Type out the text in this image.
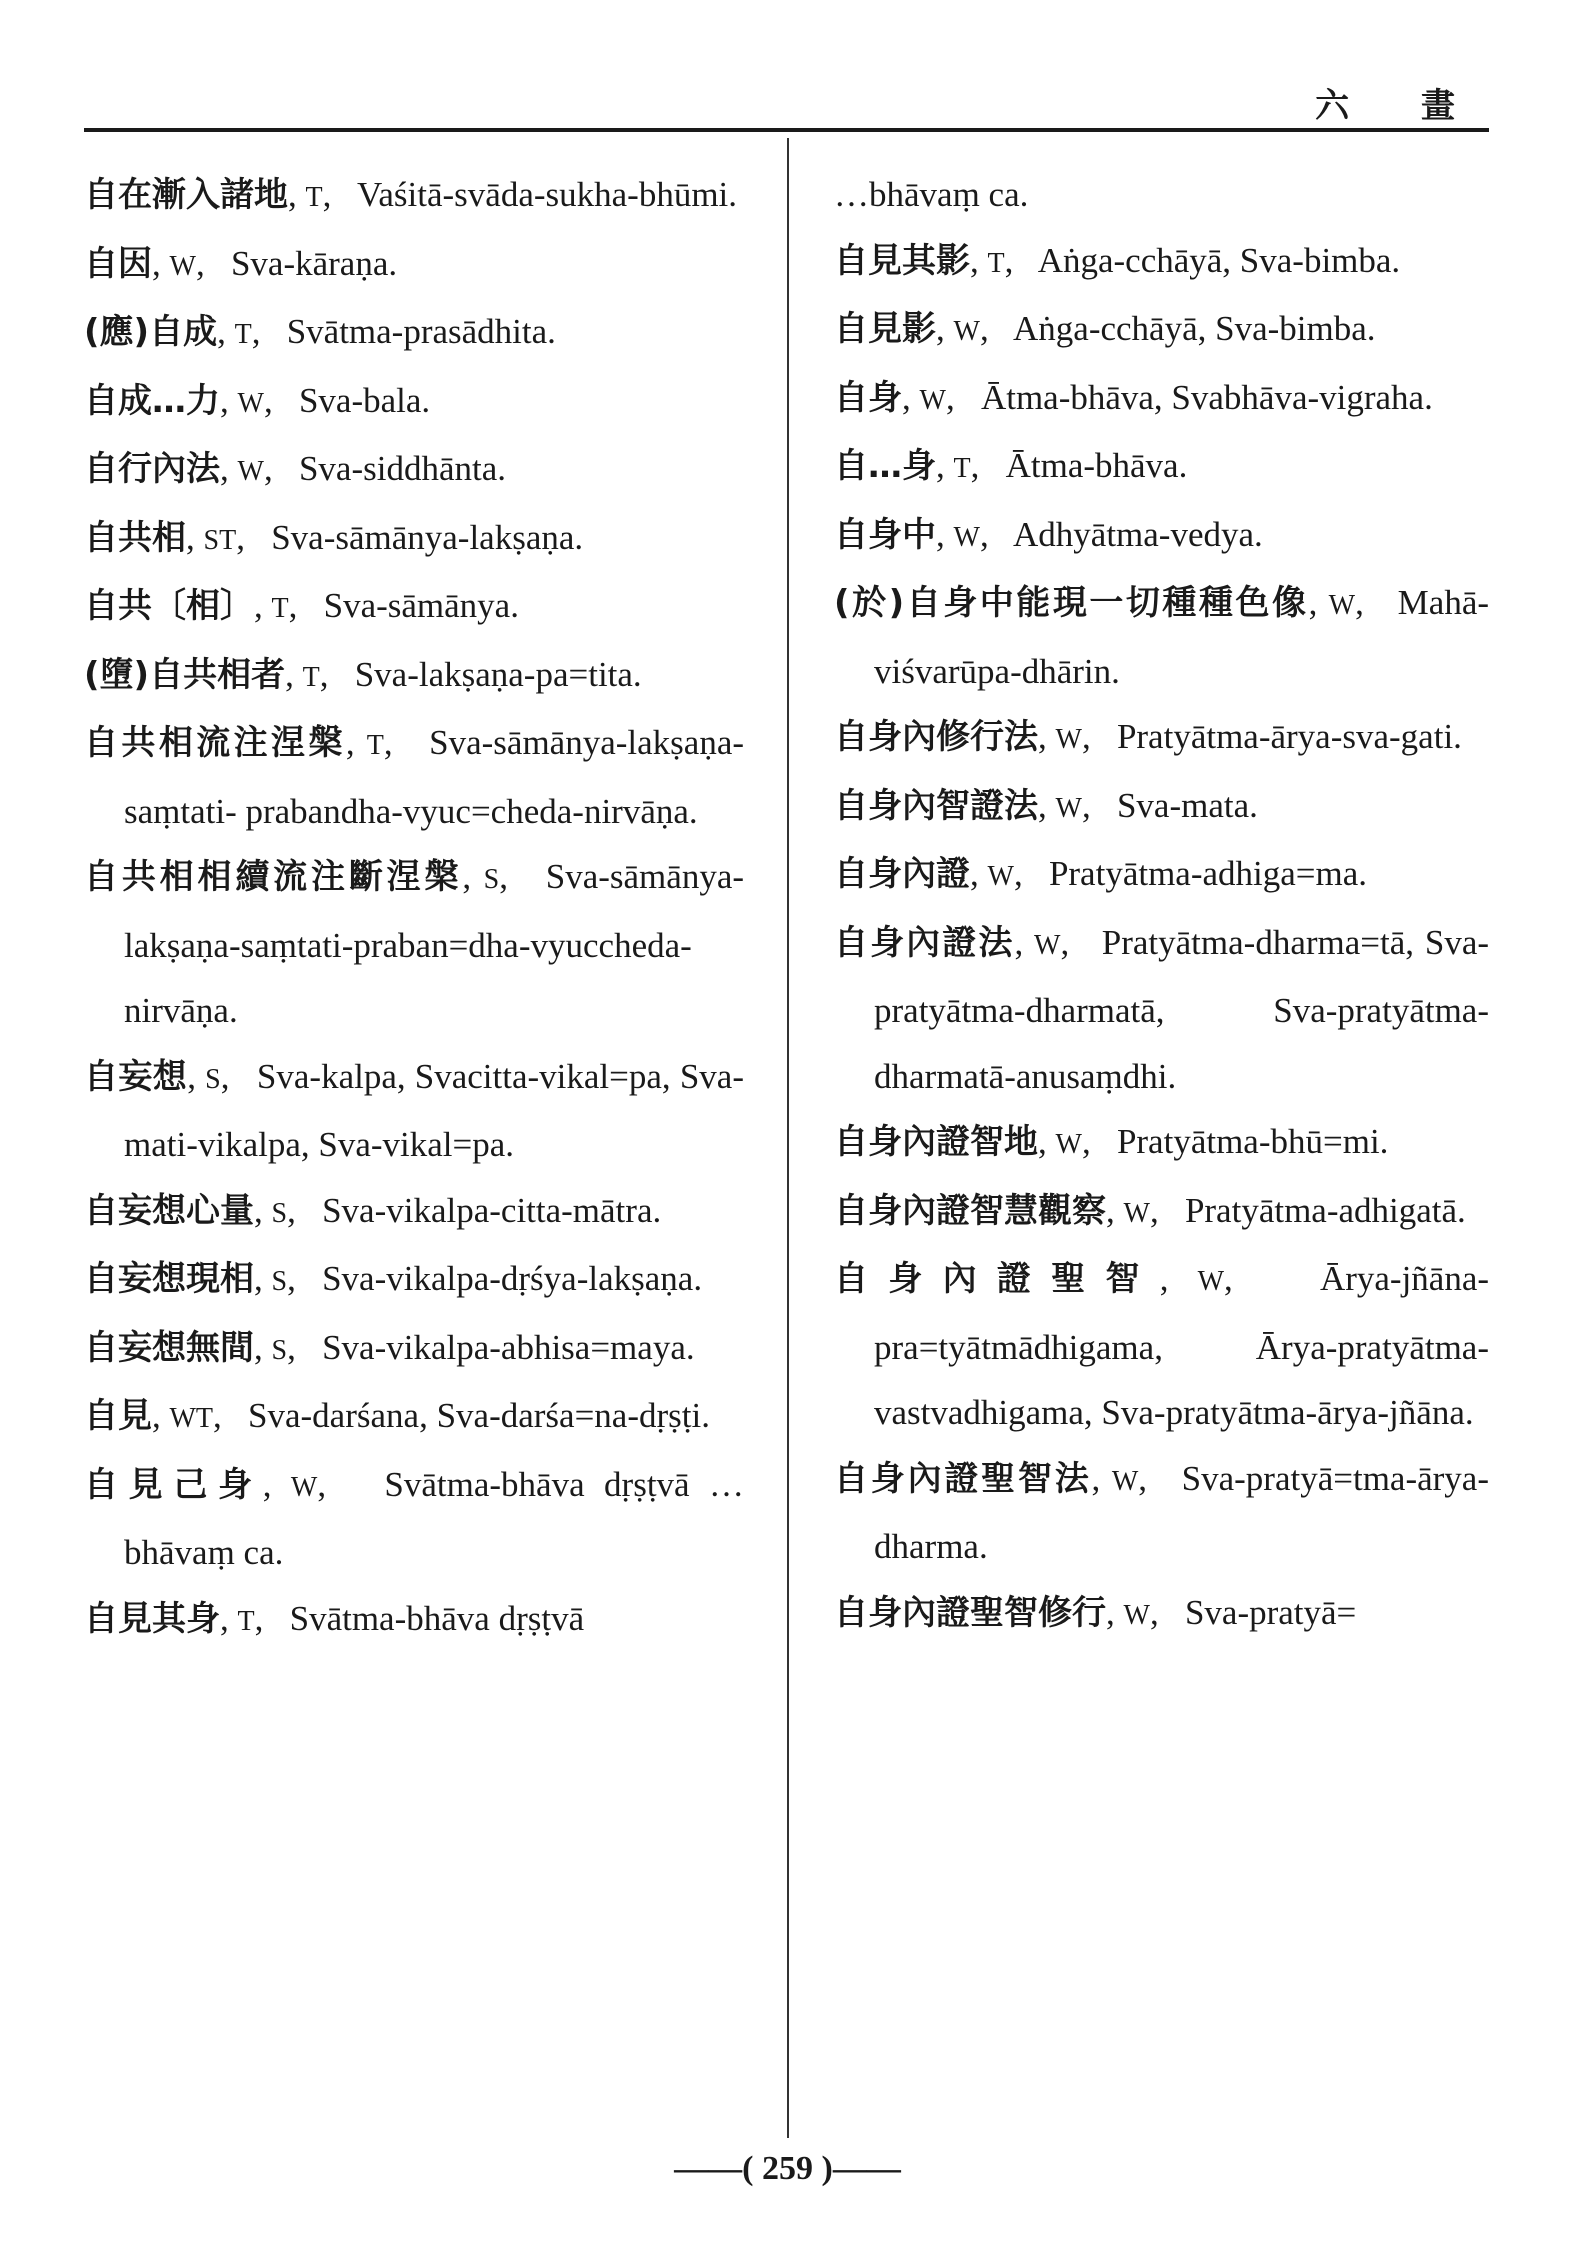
六 畫
自在漸入諸地, T,   Vaśitā-svāda-sukha-bhūmi.
自因, W,   Sva-kāraṇa.
(應)自成, T,   Svātma-prasādhita.
自成…力, W,   Sva-bala.
自行內法, W,   Sva-siddhānta.
自共相, ST,   Sva-sāmānya-lakṣaṇa.
自共〔相〕, T,   Sva-sāmānya.
(墮)自共相者, T,   Sva-lakṣaṇa-pa=tita.
自共相流注涅槃, T,   Sva-sāmānya-lakṣaṇa-saṃtati- prabandha-vyuc=cheda-nirvāṇa.
自共相相續流注斷涅槃, S,   Sva-sāmānya-lakṣaṇa-saṃtati-praban=dha-vyuccheda-nirvāṇa.
自妄想, S,   Sva-kalpa, Svacitta-vikal=pa, Sva-mati-vikalpa, Sva-vikal=pa.
自妄想心量, S,   Sva-vikalpa-citta-mātra.
自妄想現相, S,   Sva-vikalpa-dṛśya-lakṣaṇa.
自妄想無間, S,   Sva-vikalpa-abhisa=maya.
自見, WT,   Sva-darśana, Sva-darśa=na-dṛṣṭi.
自見己身, W,   Svātma-bhāva dṛṣṭvā …bhāvaṃ ca.
自見其身, T,   Svātma-bhāva dṛṣṭvā
…bhāvaṃ ca.
自見其影, T,   Aṅga-cchāyā, Sva-bimba.
自見影, W,   Aṅga-cchāyā, Sva-bimba.
自身, W,   Ātma-bhāva, Svabhāva-vigraha.
自…身, T,   Ātma-bhāva.
自身中, W,   Adhyātma-vedya.
(於)自身中能現一切種種色像, W,   Mahā-viśvarūpa-dhārin.
自身內修行法, W,   Pratyātma-ārya-sva-gati.
自身內智證法, W,   Sva-mata.
自身內證, W,   Pratyātma-adhiga=ma.
自身內證法, W,   Pratyātma-dharma=tā, Sva-pratyātma-dharmatā, Sva-pratyātma-dharmatā-anusaṃdhi.
自身內證智地, W,   Pratyātma-bhū=mi.
自身內證智慧觀察, W,   Pratyātma-adhigatā.
自身內證聖智, W,   Ārya-jñāna-pra=tyātmādhigama, Ārya-pratyātma-vastvadhigama, Sva-pratyātma-ārya-jñāna.
自身內證聖智法, W,   Sva-pratyā=tma-ārya-dharma.
自身內證聖智修行, W,   Sva-pratyā=
——( 259 )——
